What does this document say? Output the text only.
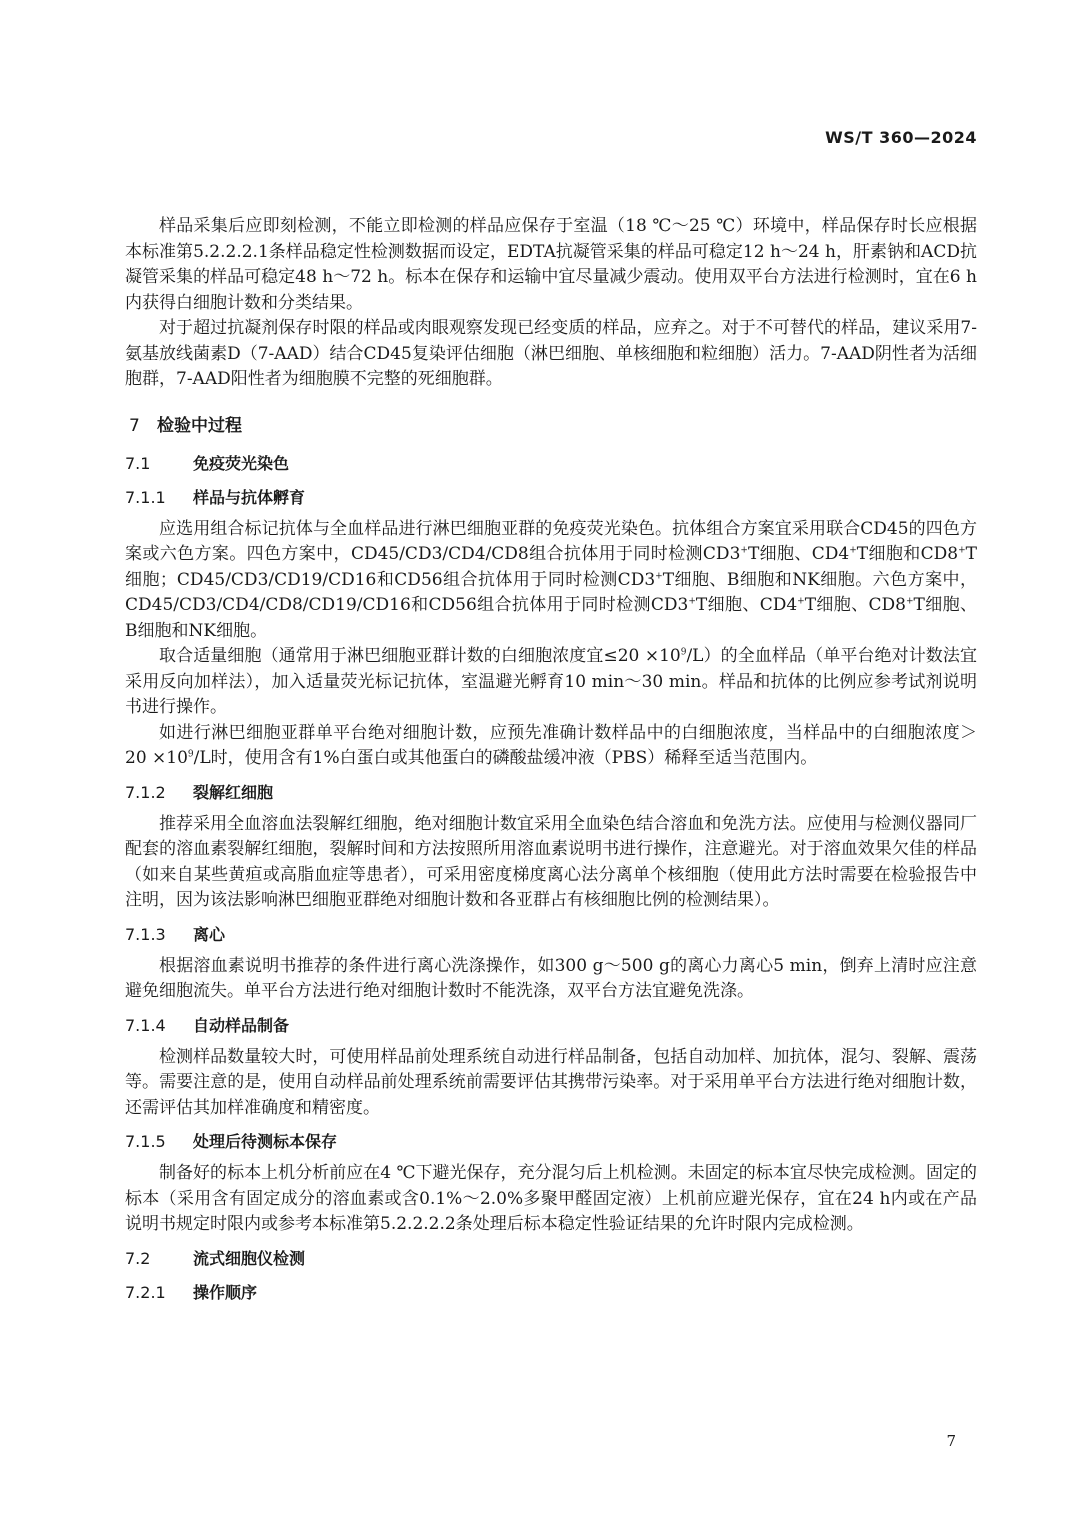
WS/T 360—2024

样品采集后应即刻检测，不能立即检测的样品应保存于室温（18 ℃～25 ℃）环境中，样品保存时长应根据本标准第5.2.2.2.1条样品稳定性检测数据而设定，EDTA抗凝管采集的样品可稳定12 h～24 h，肝素钠和ACD抗凝管采集的样品可稳定48 h～72 h。标本在保存和运输中宜尽量减少震动。使用双平台方法进行检测时，宜在6 h内获得白细胞计数和分类结果。

对于超过抗凝剂保存时限的样品或肉眼观察发现已经变质的样品，应弃之。对于不可替代的样品，建议采用7-氨基放线菌素D（7-AAD）结合CD45复染评估细胞（淋巴细胞、单核细胞和粒细胞）活力。7-AAD阴性者为活细胞群，7-AAD阳性者为细胞膜不完整的死细胞群。

7 检验中过程
7.1	免疫荧光染色
7.1.1 样品与抗体孵育

应选用组合标记抗体与全血样品进行淋巴细胞亚群的免疫荧光染色。抗体组合方案宜采用联合CD45的四色方案或六色方案。四色方案中，CD45/CD3/CD4/CD8组合抗体用于同时检测CD3+T细胞、CD4+T细胞和CD8+T细胞；CD45/CD3/CD19/CD16和CD56组合抗体用于同时检测CD3+T细胞、B细胞和NK细胞。六色方案中，CD45/CD3/CD4/CD8/CD19/CD16和CD56组合抗体用于同时检测CD3+T细胞、CD4+T细胞、CD8+T细胞、B细胞和NK细胞。

取合适量细胞（通常用于淋巴细胞亚群计数的白细胞浓度宜$\le 20 \times 10^9/L$）的全血样品（单平台绝对计数法宜采用反向加样法），加入适量荧光标记抗体，室温避光孵育10 min～30 min。样品和抗体的比例应参考试剂说明书进行操作。

如进行淋巴细胞亚群单平台绝对细胞计数，应预先准确计数样品中的白细胞浓度，当样品中的白细胞浓度$>20 \times 10^9/L$时，使用含有1%白蛋白或其他蛋白的磷酸盐缓冲液（PBS）稀释至适当范围内。

7.1.2 裂解红细胞

推荐采用全血溶血法裂解红细胞，绝对细胞计数宜采用全血染色结合溶血和免洗方法。应使用与检测仪器同厂配套的溶血素裂解红细胞，裂解时间和方法按照所用溶血素说明书进行操作，注意避光。对于溶血效果欠佳的样品（如来自某些黄疸或高脂血症等患者），可采用密度梯度离心法分离单个核细胞（使用此方法时需要在检验报告中注明，因为该法影响淋巴细胞亚群绝对细胞计数和各亚群占有核细胞比例的检测结果）。

7.1.3 离心

根据溶血素说明书推荐的条件进行离心洗涤操作，如300 g～500 g的离心力离心5 min，倒弃上清时应注意避免细胞流失。单平台方法进行绝对细胞计数时不能洗涤，双平台方法宜避免洗涤。

7.1.4 自动样品制备

检测样品数量较大时，可使用样品前处理系统自动进行样品制备，包括自动加样、加抗体，混匀、裂解、震荡等。需要注意的是，使用自动样品前处理系统前需要评估其携带污染率。对于采用单平台方法进行绝对细胞计数，还需评估其加样准确度和精密度。

7.1.5 处理后待测标本保存

制备好的标本上机分析前应在4 ℃下避光保存，充分混匀后上机检测。未固定的标本宜尽快完成检测。固定的标本（采用含有固定成分的溶血素或含0.1%～2.0%多聚甲醛固定液）上机前应避光保存，宜在24 h内或在产品说明书规定时限内或参考本标准第5.2.2.2.2条处理后标本稳定性验证结果的允许时限内完成检测。

7.2	流式细胞仪检测
7.2.1 操作顺序
7
